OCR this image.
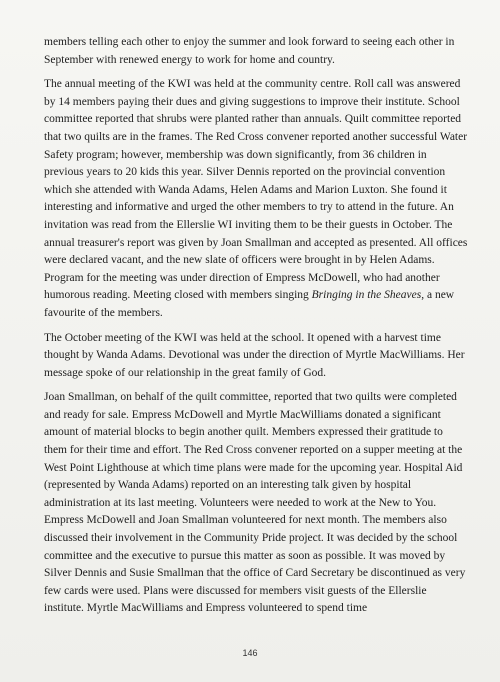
members telling each other to enjoy the summer and look forward to seeing each other in September with renewed energy to work for home and country.

The annual meeting of the KWI was held at the community centre. Roll call was answered by 14 members paying their dues and giving suggestions to improve their institute. School committee reported that shrubs were planted rather than annuals. Quilt committee reported that two quilts are in the frames. The Red Cross convener reported another successful Water Safety program; however, membership was down significantly, from 36 children in previous years to 20 kids this year. Silver Dennis reported on the provincial convention which she attended with Wanda Adams, Helen Adams and Marion Luxton. She found it interesting and informative and urged the other members to try to attend in the future. An invitation was read from the Ellerslie WI inviting them to be their guests in October. The annual treasurer's report was given by Joan Smallman and accepted as presented. All offices were declared vacant, and the new slate of officers were brought in by Helen Adams. Program for the meeting was under direction of Empress McDowell, who had another humorous reading. Meeting closed with members singing Bringing in the Sheaves, a new favourite of the members.

The October meeting of the KWI was held at the school. It opened with a harvest time thought by Wanda Adams. Devotional was under the direction of Myrtle MacWilliams. Her message spoke of our relationship in the great family of God.

Joan Smallman, on behalf of the quilt committee, reported that two quilts were completed and ready for sale. Empress McDowell and Myrtle MacWilliams donated a significant amount of material blocks to begin another quilt. Members expressed their gratitude to them for their time and effort. The Red Cross convener reported on a supper meeting at the West Point Lighthouse at which time plans were made for the upcoming year. Hospital Aid (represented by Wanda Adams) reported on an interesting talk given by hospital administration at its last meeting. Volunteers were needed to work at the New to You. Empress McDowell and Joan Smallman volunteered for next month. The members also discussed their involvement in the Community Pride project. It was decided by the school committee and the executive to pursue this matter as soon as possible. It was moved by Silver Dennis and Susie Smallman that the office of Card Secretary be discontinued as very few cards were used. Plans were discussed for members visit guests of the Ellerslie institute. Myrtle MacWilliams and Empress volunteered to spend time

146
